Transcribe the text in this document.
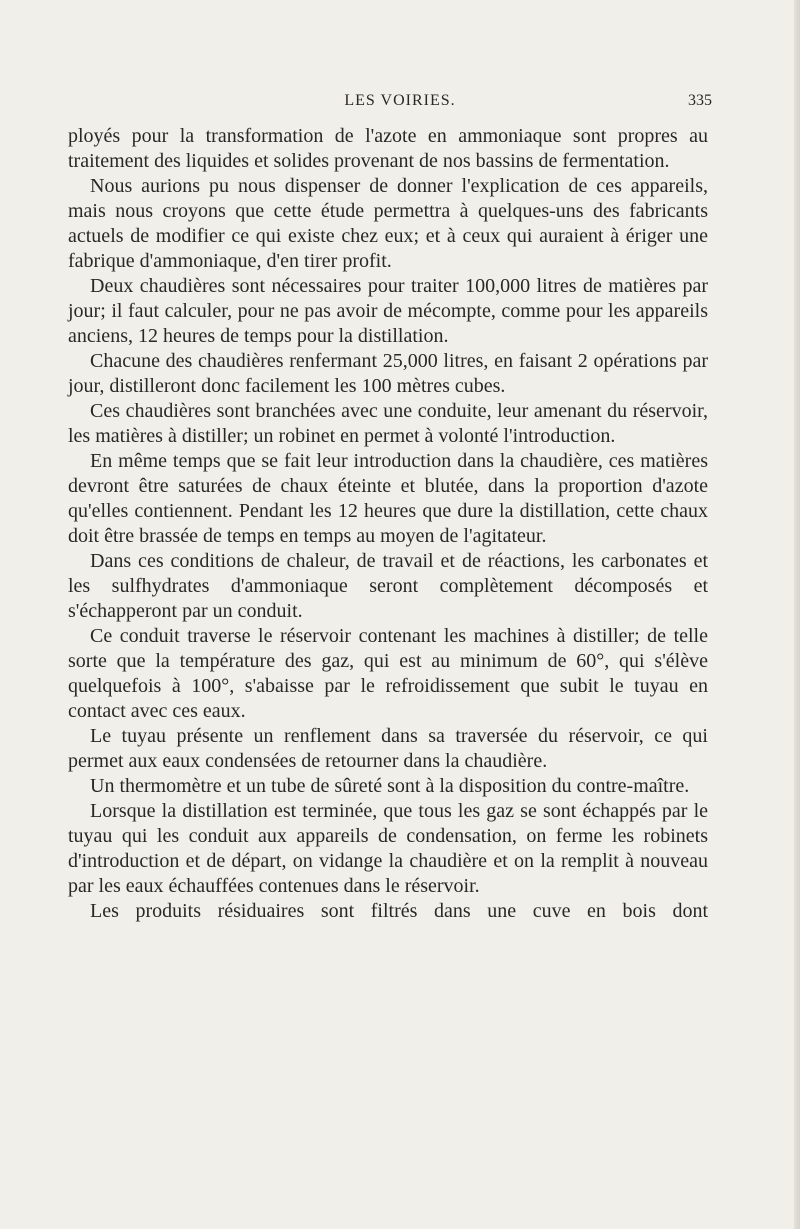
LES VOIRIES.	335

ployés pour la transformation de l'azote en ammoniaque sont propres au traitement des liquides et solides provenant de nos bassins de fermentation.

Nous aurions pu nous dispenser de donner l'explication de ces appareils, mais nous croyons que cette étude permettra à quelques-uns des fabricants actuels de modifier ce qui existe chez eux; et à ceux qui auraient à ériger une fabrique d'ammoniaque, d'en tirer profit.

Deux chaudières sont nécessaires pour traiter 100,000 litres de matières par jour; il faut calculer, pour ne pas avoir de mécompte, comme pour les appareils anciens, 12 heures de temps pour la distillation.

Chacune des chaudières renfermant 25,000 litres, en faisant 2 opérations par jour, distilleront donc facilement les 100 mètres cubes.

Ces chaudières sont branchées avec une conduite, leur amenant du réservoir, les matières à distiller; un robinet en permet à volonté l'introduction.

En même temps que se fait leur introduction dans la chaudière, ces matières devront être saturées de chaux éteinte et blutée, dans la proportion d'azote qu'elles contiennent. Pendant les 12 heures que dure la distillation, cette chaux doit être brassée de temps en temps au moyen de l'agitateur.

Dans ces conditions de chaleur, de travail et de réactions, les carbonates et les sulfhydrates d'ammoniaque seront complètement décomposés et s'échapperont par un conduit.

Ce conduit traverse le réservoir contenant les machines à distiller; de telle sorte que la température des gaz, qui est au minimum de 60°, qui s'élève quelquefois à 100°, s'abaisse par le refroidissement que subit le tuyau en contact avec ces eaux.

Le tuyau présente un renflement dans sa traversée du réservoir, ce qui permet aux eaux condensées de retourner dans la chaudière.

Un thermomètre et un tube de sûreté sont à la disposition du contre-maître.

Lorsque la distillation est terminée, que tous les gaz se sont échappés par le tuyau qui les conduit aux appareils de condensation, on ferme les robinets d'introduction et de départ, on vidange la chaudière et on la remplit à nouveau par les eaux échauffées contenues dans le réservoir.

Les produits résiduaires sont filtrés dans une cuve en bois dont
